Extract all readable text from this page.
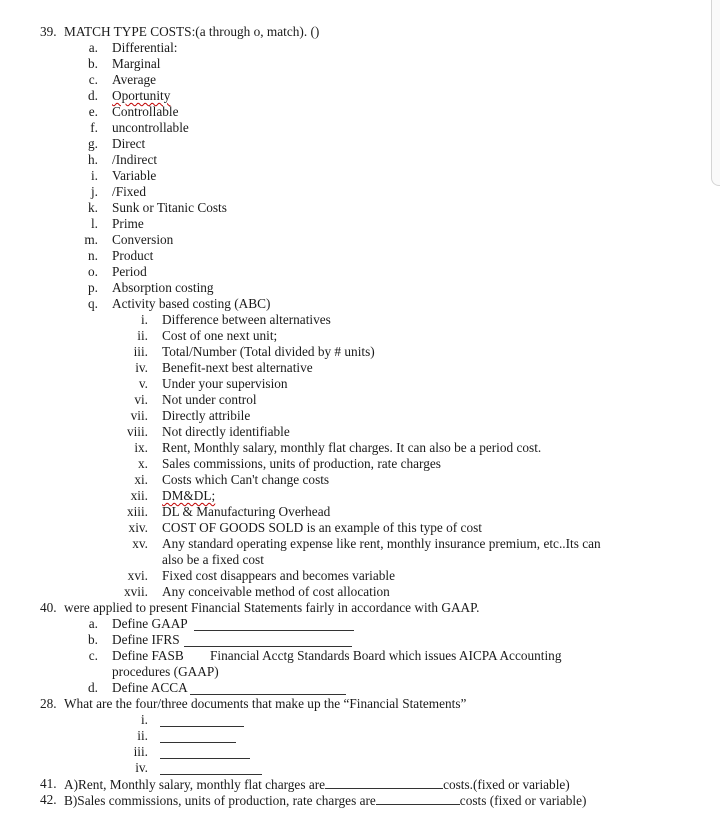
39. MATCH TYPE COSTS:(a through o, match). ()
a. Differential:
b. Marginal
c. Average
d. Oportunity
e. Controllable
f. uncontrollable
g. Direct
h. /Indirect
i. Variable
j. /Fixed
k. Sunk or Titanic Costs
l. Prime
m. Conversion
n. Product
o. Period
p. Absorption costing
q. Activity based costing (ABC)
i. Difference between alternatives
ii. Cost of one next unit;
iii. Total/Number (Total divided by # units)
iv. Benefit-next best alternative
v. Under your supervision
vi. Not under control
vii. Directly attribile
viii. Not directly identifiable
ix. Rent, Monthly salary, monthly flat charges. It can also be a period cost.
x. Sales commissions, units of production, rate charges
xi. Costs which Can't change costs
xii. DM&DL;
xiii. DL & Manufacturing Overhead
xiv. COST OF GOODS SOLD is an example of this type of cost
xv. Any standard operating expense like rent, monthly insurance premium, etc..Its can
also be a fixed cost
xvi. Fixed cost disappears and becomes variable
xvii. Any conceivable method of cost allocation
40. were applied to present Financial Statements fairly in accordance with GAAP.
a. Define GAAP
b. Define IFRS
c. Define FASB Financial Acctg Standards Board which issues AICPA Accounting
procedures (GAAP)
d. Define ACCA
28. What are the four/three documents that make up the “Financial Statements”
i.
ii.
iii.
iv.
41. A)Rent, Monthly salary, monthly flat charges are	costs.(fixed or variable)
42. B)Sales commissions, units of production, rate charges are	costs (fixed or variable)
